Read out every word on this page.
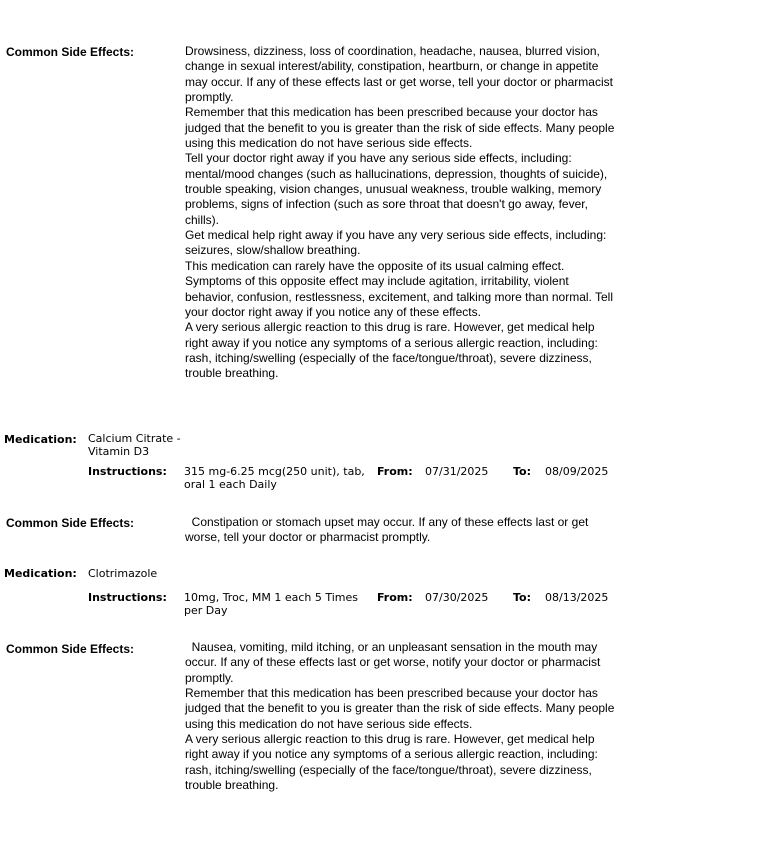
Common Side Effects:	Drowsiness, dizziness, loss of coordination, headache, nausea, blurred vision, change in sexual interest/ability, constipation, heartburn, or change in appetite may occur. If any of these effects last or get worse, tell your doctor or pharmacist promptly.

Remember that this medication has been prescribed because your doctor has judged that the benefit to you is greater than the risk of side effects. Many people using this medication do not have serious side effects.

Tell your doctor right away if you have any serious side effects, including: mental/mood changes (such as hallucinations, depression, thoughts of suicide), trouble speaking, vision changes, unusual weakness, trouble walking, memory problems, signs of infection (such as sore throat that doesn't go away, fever, chills).

Get medical help right away if you have any very serious side effects, including: seizures, slow/shallow breathing.

This medication can rarely have the opposite of its usual calming effect. Symptoms of this opposite effect may include agitation, irritability, violent behavior, confusion, restlessness, excitement, and talking more than normal. Tell your doctor right away if you notice any of these effects.

A very serious allergic reaction to this drug is rare. However, get medical help right away if you notice any symptoms of a serious allergic reaction, including: rash, itching/swelling (especially of the face/tongue/throat), severe dizziness, trouble breathing.

Medication: Calcium Citrate -Vitamin D3
Instructions: 315 mg-6.25 mcg(250 unit), tab, oral 1 each Daily
From: 07/31/2025 To: 08/09/2025
Common Side Effects:	Constipation or stomach upset may occur. If any of these effects last or get worse, tell your doctor or pharmacist promptly.

Medication: Clotrimazole
Instructions: 10mg, Troc, MM 1 each 5 Times per Day
From: 07/30/2025 To: 08/13/2025
Common Side Effects:	Nausea, vomiting, mild itching, or an unpleasant sensation in the mouth may occur. If any of these effects last or get worse, notify your doctor or pharmacist promptly.

Remember that this medication has been prescribed because your doctor has judged that the benefit to you is greater than the risk of side effects. Many people using this medication do not have serious side effects.

A very serious allergic reaction to this drug is rare. However, get medical help right away if you notice any symptoms of a serious allergic reaction, including: rash, itching/swelling (especially of the face/tongue/throat), severe dizziness, trouble breathing.
